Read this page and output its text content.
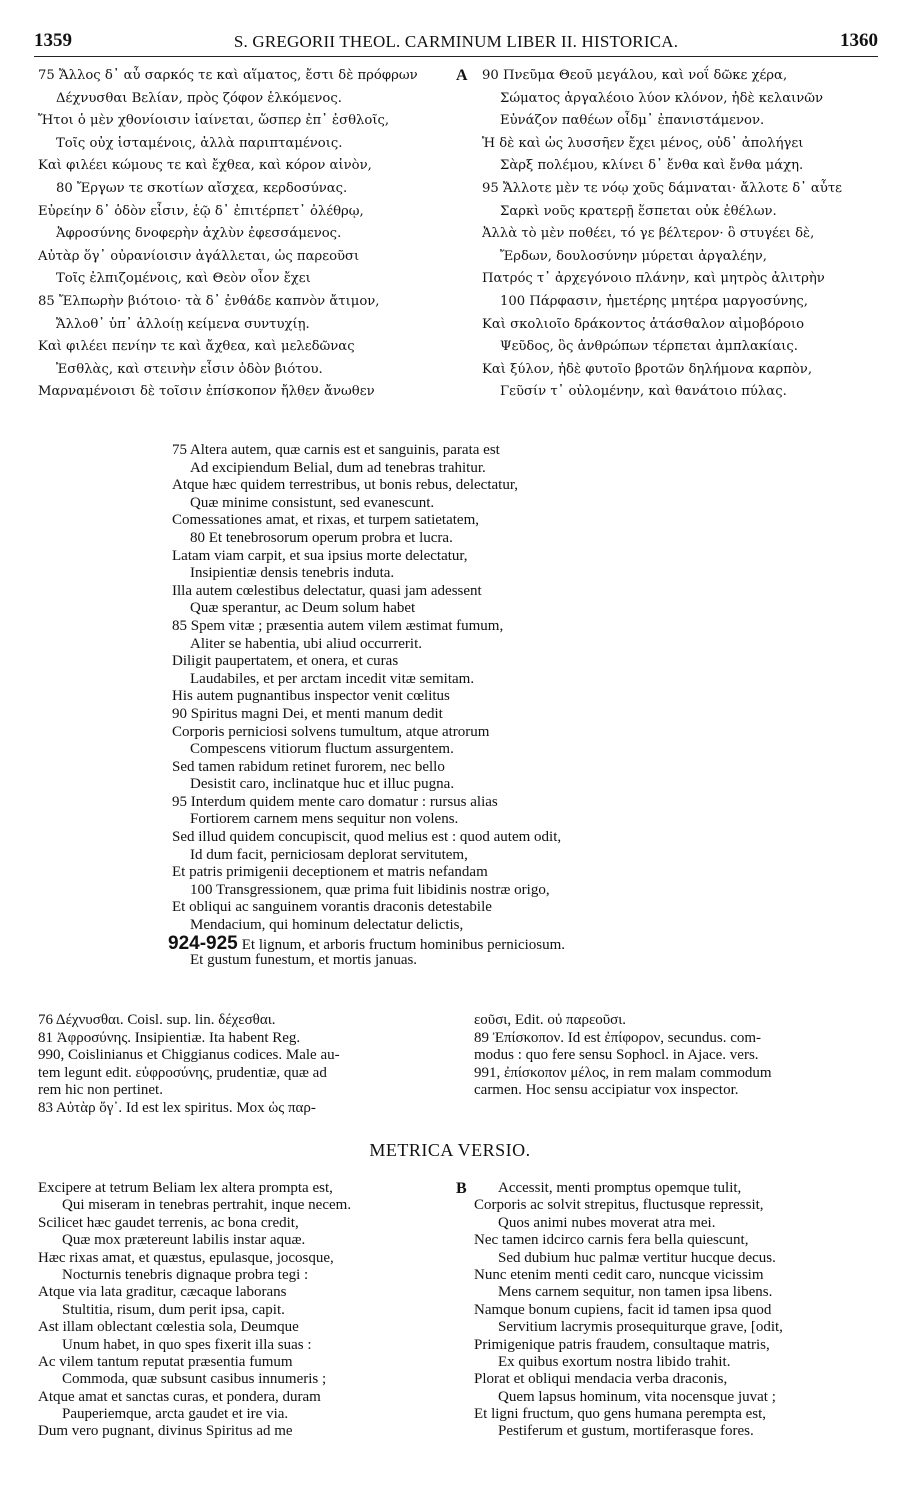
1359	S. GREGORII THEOL. CARMINUM LIBER II. HISTORICA.	1360
75 Ἄλλος δ᾽ αὖ σαρκός τε καὶ αἵματος, ἔστι δὲ πρόφρων
Δέχνυσθαι Βελίαν, πρὸς ζόφον ἑλκόμενος.
Ἤτοι ὁ μὲν χθονίοισιν ἰαίνεται, ὥσπερ ἐπ᾽ ἐσθλοῖς,
Τοῖς οὐχ ἱσταμένοις, ἀλλὰ παριπταμένοις.
Καὶ φιλέει κώμους τε καὶ ἔχθεα, καὶ κόρον αἰνὸν,
80 Ἔργων τε σκοτίων αἴσχεα, κερδοσύνας.
Εὐρείην δ᾽ ὁδὸν εἶσιν, ἑῷ δ᾽ ἐπιτέρπετ᾽ ὀλέθρῳ,
Ἀφροσύνης δνοφερὴν ἀχλὺν ἐφεσσάμενος.
Αὐτὰρ ὅγ᾽ οὐρανίοισιν ἀγάλλεται, ὡς παρεοῦσι
Τοῖς ἐλπιζομένοις, καὶ Θεὸν οἶον ἔχει
85 Ἔλπωρὴν βιότοιο· τὰ δ᾽ ἐνθάδε καπνὸν ἄτιμον,
Ἄλλοθ᾽ ὑπ᾽ ἀλλοίῃ κείμενα συντυχίῃ.
Καὶ φιλέει πενίην τε καὶ ἄχθεα, καὶ μελεδῶνας
Ἐσθλὰς, καὶ στεινὴν εἶσιν ὁδὸν βιότου.
Μαρναμένοισι δὲ τοῖσιν ἐπίσκοπον ἤλθεν ἄνωθεν
A 90 Πνεῦμα Θεοῦ μεγάλου, καὶ νοΐ δῶκε χέρα,
Σώματος ἀργαλέοιο λύον κλόνον, ἠδὲ κελαινῶν
Εὐνάζον παθέων οἶδμ᾽ ἐπανιστάμενον.
Ἡ δὲ καὶ ὡς λυσσῆεν ἔχει μένος, οὐδ᾽ ἀπολήγει
Σὰρξ πολέμου, κλίνει δ᾽ ἔνθα καὶ ἔνθα μάχη.
95 Ἄλλοτε μὲν τε νόῳ χοῦς δάμναται· ἄλλοτε δ᾽ αὖτε
Σαρκὶ νοῦς κρατερῇ ἕσπεται οὐκ ἐθέλων.
Ἀλλὰ τὸ μὲν ποθέει, τό γε βέλτερον· ὃ στυγέει δὲ,
Ἔρδων, δουλοσύνην μύρεται ἀργαλέην,
Πατρός τ᾽ ἀρχεγόνοιο πλάνην, καὶ μητρὸς ἀλιτρὴν
100 Πάρφασιν, ἡμετέρης μητέρα μαργοσύνης,
Καὶ σκολιοῖο δράκοντος ἀτάσθαλον αἱμοβόροιο
Ψεῦδος, ὃς ἀνθρώπων τέρπεται ἀμπλακίαις.
Καὶ ξύλον, ἠδὲ φυτοῖο βροτῶν δηλήμονα καρπὸν,
Γεῦσίν τ᾽ οὐλομένην, καὶ θανάτοιο πύλας.
75 Altera autem, quæ carnis est et sanguinis, parata est
Ad excipiendum Belial, dum ad tenebras trahitur.
Atque hæc quidem terrestribus, ut bonis rebus, delectatur,
Quæ minime consistunt, sed evanescunt.
Comessationes amat, et rixas, et turpem satietatem,
80 Et tenebrosorum operum probra et lucra.
Latam viam carpit, et sua ipsius morte delectatur,
Insipientiæ densis tenebris induta.
Illa autem cœlestibus delectatur, quasi jam adessent
Quæ sperantur, ac Deum solum habet
85 Spem vitæ ; præsentia autem vilem æstimat fumum,
Aliter se habentia, ubi aliud occurrerit.
Diligit paupertatem, et onera, et curas
Laudabiles, et per arctam incedit vitæ semitam.
His autem pugnantibus inspector venit cœlitus
90 Spiritus magni Dei, et menti manum dedit
Corporis perniciosi solvens tumultum, atque atrorum
Compescens vitiorum fluctum assurgentem.
Sed tamen rabidum retinet furorem, nec bello
Desistit caro, inclinatque huc et illuc pugna.
95 Interdum quidem mente caro domatur : rursus alias
Fortiorem carnem mens sequitur non volens.
Sed illud quidem concupiscit, quod melius est : quod autem odit,
Id dum facit, perniciosam deplorat servitutem,
Et patris primigenii deceptionem et matris nefandam
100 Transgressionem, quæ prima fuit libidinis nostræ origo,
Et obliqui ac sanguinem vorantis draconis detestabile
Mendacium, qui hominum delectatur delictis,
924-925 Et lignum, et arboris fructum hominibus perniciosum.
Et gustum funestum, et mortis januas.
76 Δέχνυσθαι. Coisl. sup. lin. δέχεσθαι.
81 Ἀφροσύνης. Insipientiæ. Ita habent Reg.
990, Coislinianus et Chiggianus codices. Male au-
tem legunt edit. εὐφροσύνης, prudentiæ, quæ ad
rem hic non pertinet.
83 Αὐτὰρ ὅγ᾽. Id est lex spiritus. Mox ὡς παρ-
εοῦσι, Edit. οὐ παρεοῦσι.
89 Ἐπίσκοπον. Id est ἐπίφορον, secundus. com-
modus : quo fere sensu Sophocl. in Ajace. vers.
991, ἐπίσκοπον μέλος, in rem malam commodum
carmen. Hoc sensu accipiatur vox inspector.
METRICA VERSIO.
Excipere at tetrum Beliam lex altera prompta est,
Qui miseram in tenebras pertrahit, inque necem.
Scilicet hæc gaudet terrenis, ac bona credit,
Quæ mox prætereunt labilis instar aquæ.
Hæc rixas amat, et quæstus, epulasque, jocosque,
Nocturnis tenebris dignaque probra tegi :
Atque via lata graditur, cæcaque laborans
Stultitia, risum, dum perit ipsa, capit.
Ast illam oblectant cœlestia sola, Deumque
Unum habet, in quo spes fixerit illa suas :
Ac vilem tantum reputat præsentia fumum
Commoda, quæ subsunt casibus innumeris ;
Atque amat et sanctas curas, et pondera, duram
Pauperiemque, arcta gaudet et ire via.
Dum vero pugnant, divinus Spiritus ad me
B	Accessit, menti promptus opemque tulit,
Corporis ac solvit strepitus, fluctusque repressit,
Quos animi nubes moverat atra mei.
Nec tamen idcirco carnis fera bella quiescunt,
Sed dubium huc palmæ vertitur hucque decus.
Nunc etenim menti cedit caro, nuncque vicissim
Mens carnem sequitur, non tamen ipsa libens.
Namque bonum cupiens, facit id tamen ipsa quod
Servitium lacrymis prosequiturque grave, [odit,
Primigenique patris fraudem, consultaque matris,
Ex quibus exortum nostra libido trahit.
Plorat et obliqui mendacia verba draconis,
Quem lapsus hominum, vita nocensque juvat ;
Et ligni fructum, quo gens humana perempta est,
Pestiferum et gustum, mortiferasque fores.
